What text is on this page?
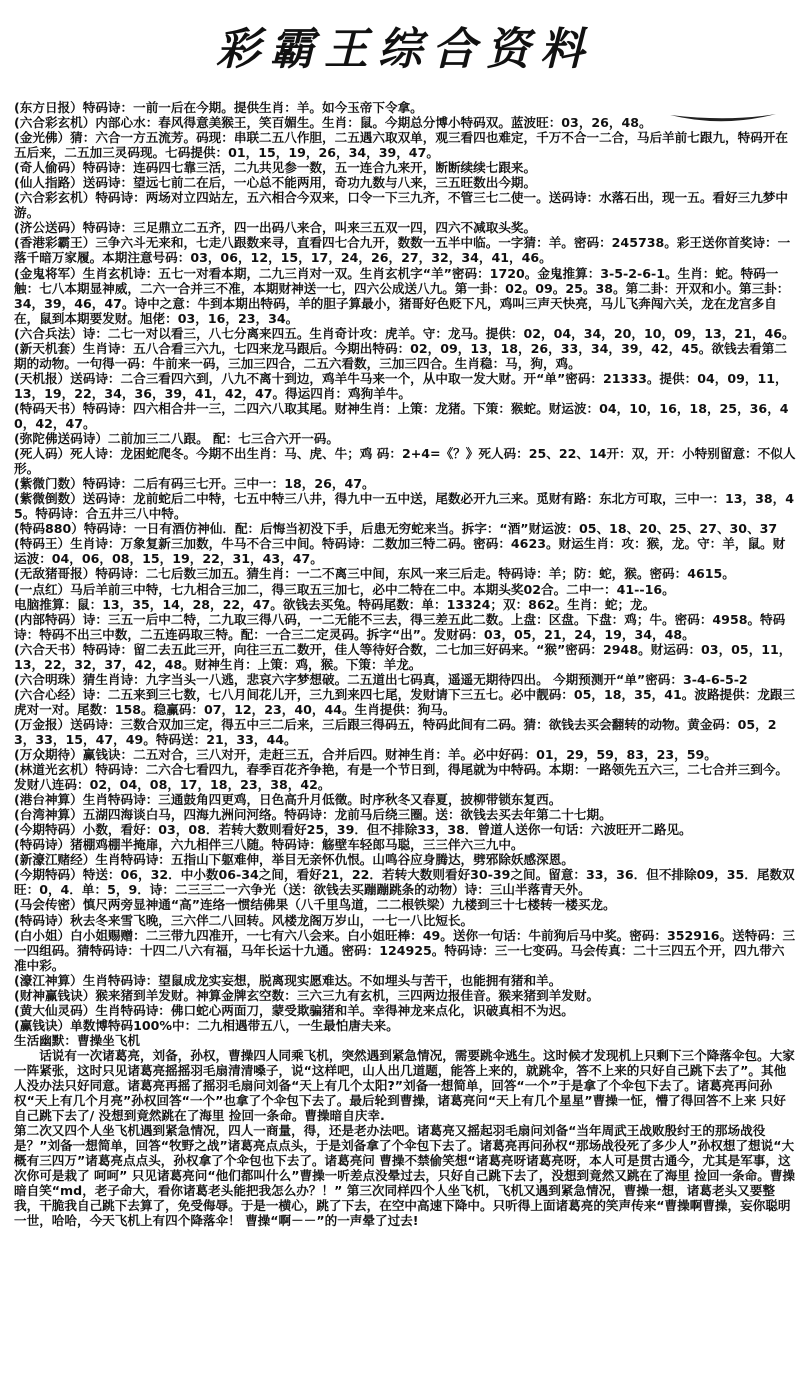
彩霸王综合资料
(东方日报）特码诗：一前一后在今期。提供生肖：羊。如今玉帝下令拿。
(六合彩玄机）内部心水：春风得意美猴王，笑百媚生。生肖：鼠。今期总分博小特码双。蓝波旺：03，26，48。
(金光佛）猜：六合一方五流芳。码现：串联二五八作胆，二五遇六取双单，观三看四也难定，千万不合一二合，马后羊前七跟九，特码开在五后来，二五加三灵码现。七码提供：01，15，19，26，34，39，47。
(奇人偷码）特码诗：连码四七靠三活，二九共见参一数，五一连合九来开，断断续续七跟来。
(仙人指路）送码诗：望远七前二在后，一心总不能两用，奇功九数与八来，三五旺数出今期。
(六合彩玄机）特码诗：两场对立四站左，五六相合今双来，口令一下三九齐，不管三七二使一。送码诗：水落石出，现一五。看好三九梦中游。
(济公送码）特码诗：三足鼎立二五齐，四一出码八来合，叫来三五双一四，四六不减取头奖。
(香港彩霸王）三争六斗无来和，七走八跟数来寻，直看四七合九开，数数一五半中临。一字猜：羊。密码：245738。彩王送你首奖诗：一落千暗万家履。本期注意号码：03，06，12，15，17，24，26，27，32，34，41，46。
(金鬼将军）生肖玄机诗：五七一对看本期，二九三肖对一双。生肖玄机字“羊”密码：1720。金鬼推算：3-5-2-6-1。生肖：蛇。特码一触：七八本期显神威，二六一合并三不准，本期财神送一七，四六公成送八九。第一卦：02。09。25。38。第二卦：开双和小。第三卦：34，39，46，47。诗中之意：牛到本期出特码，羊的胆子算最小，猪哥好色贬下凡，鸡叫三声天快亮，马儿飞奔闯六关，龙在龙宫多自在，鼠到本期要发财。旭佬：03，16，23，34。
(六合兵法）诗：二七一对以看三，八七分离来四五。生肖奇计攻：虎羊。守：龙马。提供：02，04，34，20，10，09，13，21，46。
(新天机套）生肖诗：五八合看三六九，七四来龙马跟后。今期出特码：02，09，13，18，26，33，34，39，42，45。欲钱去看第二期的动物。一句得一码：牛前来一码，三加三四合，二五六看数，三加三四合。生肖稳：马，狗，鸡。
(天机报）送码诗：二合三看四六到，八九不离十到边，鸡羊牛马来一个，从中取一发大财。开“单”密码：21333。提供：04，09，11，13，19，22，34，36，39，41，42，47。得运四肖：鸡狗羊牛。
(特码天书）特码诗：四六相合井一三，二四六八取其尾。财神生肖：上策：龙猪。下策：猴蛇。财运波：04，10，16，18，25，36，40，42，47。
(弥陀佛送码诗）二前加三二八跟。 配：七三合六开一码。
(死人码）死人诗：龙困蛇爬冬。今期不出生肖：马、虎、牛；鸡 码：2+4=《？》死人码：25、22、14开：双，开：小特别留意：不似人形。
(紫微门数）特码诗：二后有码三七开。三中一：18，26，47。
(紫微倒数）送码诗：龙前蛇后二中特，七五中特三八井，得九中一五中送，尾数必开九三来。觅财有路：东北方可取，三中一：13，38，45。特码诗：合五井三八中特。
(特码880）特码诗：一日有酒仿神仙．配：后悔当初没下手，后患无穷蛇来当。拆字：“酒”财运波：05、18、20、25、27、30、37
(特码王）生肖诗：万象复新三加数，牛马不合三中间。特码诗：二数加三特二码。密码：4623。财运生肖：攻：猴，龙。守：羊，鼠。财运波：04，06，08，15，19，22，31，43，47。
(无敌猪哥报）特码诗：二七后数三加五。猜生肖：一二不离三中间，东风一来三后走。特码诗：羊；防：蛇，猴。密码：4615。
(一点红）马后羊前三中特，七九相合三加二，得三取五三加七，必中二特在二中。本期头奖02合。二中一：41--16。
电脑推算：鼠：13，35，14，28，22，47。欲钱去买兔。特码尾数：单：13324；双：862。生肖：蛇；龙。
(内部特码）诗：三五一后中二特，二九取三得八码，一二无能不三去，得三差五此二数。上盘：区盘。下盘：鸡；牛。密码：4958。特码诗：特码不出三中数，二五连码取三特。配：一合三二定灵码。拆字“出”。发财码：03，05，21，24，19，34，48。
(六合天书）特码诗：留二去五此三开，向往三五二数开，佳人等待好合数，二七加三好码来。“猴”密码：2948。财运码：03，05，11，13，22，32，37，42，48。财神生肖：上策：鸡，猴。下策：羊龙。
(六合明珠）猜生肖诗：九字当头一八逃，悲哀六字梦想破。二五道出七码真，遥遥无期待四出。 今期预测开“单”密码：3-4-6-5-2
(六合心经）诗：二五来到三七数，七八月间花儿开，三九到来四七尾，发财请下三五七。必中靓码：05，18，35，41。波路提供：龙跟三虎对一对。尾数：158。稳赢码：07，12，23，40，44。生肖提供：狗马。
(万金报）送码诗：三数合双加三定，得五中三二后来，三后跟三得码五，特码此间有二码。猜：欲钱去买会翻转的动物。黄金码：05，23，33，15，47，49。特码送：21，33，44。
(万众期待）赢钱诀：二五对合，三八对开，走赶三五，合并后四。财神生肖：羊。必中好码：01，29，59，83，23，59。
(林道光玄机）特码诗：二六合七看四九，春季百花齐争艳，有是一个节日到，得尾就为中特码。本期：一路领先五六三，二七合并三到今。发财八连码：02，04，08，17，18，23，38，42。
(港台神算）生肖特码诗：三通鼓角四更鸡，日色高升月低徵。时序秋冬又春夏，披柳带锁东复西。
(台湾神算）五湖四海谈白马，四海九洲问河络。特码诗：龙前马后绕三圈。送：欲钱去买去年第二十七期。
(今期特码）小数，看好：03，08．若转大数则看好25，39．但不排除33，38．曾道人送你一句话：六波旺开二路见。
(特码诗）猪棚鸡棚半掩扉，六九相伴三八随。特码诗：觞壁车轻郎马聪，三三伴六三九中。
(新濠江赌经）生肖特码诗：五指山下躯难伸，举目无亲怀仇恨。山鸣谷应身腾达，劈邪除妖感深恩。
(今期特码）特送：06，32．中小数06-34之间，看好21，22．若转大数则看好30-39之间。留意：33，36．但不排除09，35．尾数双旺：0，4．单：5，9．诗：二三三二一六争光（送：欲钱去买蹦蹦跳条的动物）诗：三山半落青天外。
(马会传密）慎尺两旁显神通“高”连络一惯结佛果（八千里鸟道，二二根铁梁）九楼到三十七楼转一楼买龙。
(特码诗）秋去冬来雪飞晚，三六伴二八回转。风楼龙阁万岁山，一七一八比短长。
(白小姐）白小姐赐赠：二三带九四准开，一七有六八会来。白小姐旺棒：49。送你一句话：牛前狗后马中奖。密码：352916。送特码：三一四组码。猜特码诗：十四二八六有福，马年长运十九通。密码：124925。特码诗：三一七变码。马会传真：二十三四五个开，四九带六准中彩。
(濠江神算）生肖特码诗：望鼠成龙实妄想，脱离现实愿难达。不如埋头与苦干，也能拥有猪和羊。
(财神赢钱诀）猴来猪到羊发财。神算金牌玄空数：三六三九有玄机，三四两边报佳音。猴来猪到羊发财。
(黄大仙灵码）生肖特码诗：佛口蛇心两面刀，蒙受欺骗猪和羊。幸得神龙来点化，识破真相不为迟。
(赢钱诀）单数博特码100%中：二九相遇带五八，一生最怕唐夫来。
生活幽默：曹操坐飞机
　　话说有一次诸葛亮，刘备，孙权，曹操四人同乘飞机，突然遇到紧急情况，需要跳伞逃生。这时候才发现机上只剩下三个降落伞包。大家一阵紧张，这时只见诸葛亮摇摇羽毛扇清清嗓子，说“这样吧，山人出几道题，能答上来的，就跳伞，答不上来的只好自己跳下去了”。其他人没办法只好同意。诸葛亮再摇了摇羽毛扇问刘备“天上有几个太阳?”刘备一想简单，回答“一个”于是拿了个伞包下去了。诸葛亮再问孙权“天上有几个月亮”孙权回答“一个”也拿了个伞包下去了。最后轮到曹操，诸葛亮问“天上有几个星星”曹操一怔，懵了得回答不上来 只好自己跳下去了/ 没想到竟然跳在了海里 捡回一条命。曹操暗自庆幸.
第二次又四个人坐飞机遇到紧急情况，四人一商量，得，还是老办法吧。诸葛亮又摇起羽毛扇问刘备“当年周武王战败殷纣王的那场战役是？”刘备一想简单，回答“牧野之战”诸葛亮点点头，于是刘备拿了个伞包下去了。诸葛亮再问孙权“那场战役死了多少人”孙权想了想说“大概有三四万”诸葛亮点点头，孙权拿了个伞包也下去了。诸葛亮问 曹操不禁偷笑想“诸葛亮呀诸葛亮呀，本人可是贯古通今，尤其是军事，这次你可是栽了 呵呵” 只见诸葛亮问“他们都叫什么”曹操一听差点没晕过去，只好自己跳下去了，没想到竟然又跳在了海里 捡回一条命。曹操暗自笑“md，老子命大，看你诸葛老头能把我怎么办？！” 第三次同样四个人坐飞机，飞机又遇到紧急情况，曹操一想，诸葛老头又要整我，干脆我自己跳下去算了，免受侮辱。于是一横心，跳了下去，在空中高速下降中。只听得上面诸葛亮的笑声传来“曹操啊曹操，妄你聪明一世，哈哈，今天飞机上有四个降落伞！ 曹操“啊－－”的一声晕了过去!
